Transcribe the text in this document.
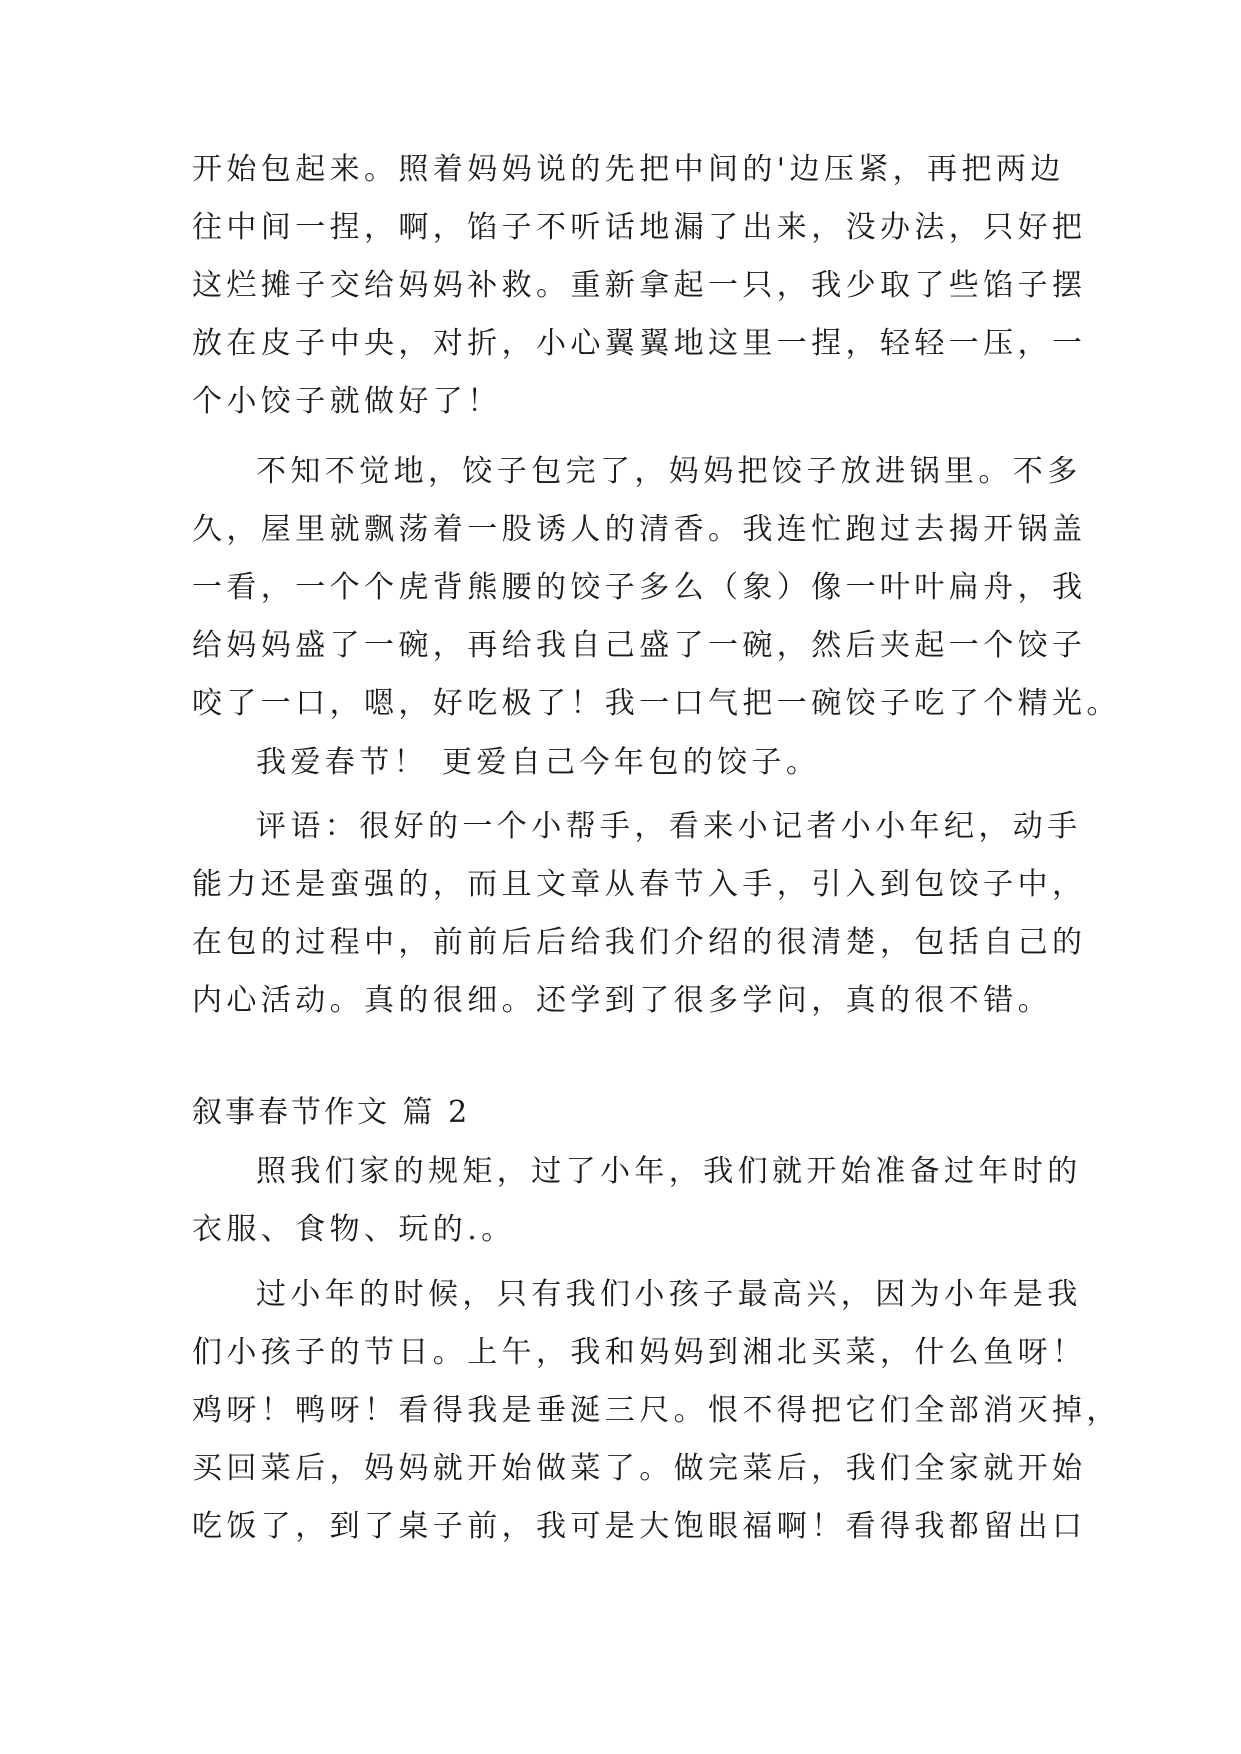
开始包起来。照着妈妈说的先把中间的'边压紧，再把两边
往中间一捏，啊，馅子不听话地漏了出来，没办法，只好把
这烂摊子交给妈妈补救。重新拿起一只，我少取了些馅子摆
放在皮子中央，对折，小心翼翼地这里一捏，轻轻一压，一
个小饺子就做好了！
不知不觉地，饺子包完了，妈妈把饺子放进锅里。不多
久，屋里就飘荡着一股诱人的清香。我连忙跑过去揭开锅盖
一看，一个个虎背熊腰的饺子多么（象）像一叶叶扁舟，我
给妈妈盛了一碗，再给我自己盛了一碗，然后夹起一个饺子
咬了一口，嗯，好吃极了！我一口气把一碗饺子吃了个精光。
我爱春节！ 更爱自己今年包的饺子。
评语：很好的一个小帮手，看来小记者小小年纪，动手
能力还是蛮强的，而且文章从春节入手，引入到包饺子中，
在包的过程中，前前后后给我们介绍的很清楚，包括自己的
内心活动。真的很细。还学到了很多学问，真的很不错。
叙事春节作文 篇 2
照我们家的规矩，过了小年，我们就开始准备过年时的
衣服、食物、玩的.。
过小年的时候，只有我们小孩子最高兴，因为小年是我
们小孩子的节日。上午，我和妈妈到湘北买菜，什么鱼呀！
鸡呀！鸭呀！看得我是垂涎三尺。恨不得把它们全部消灭掉，
买回菜后，妈妈就开始做菜了。做完菜后，我们全家就开始
吃饭了，到了桌子前，我可是大饱眼福啊！看得我都留出口
